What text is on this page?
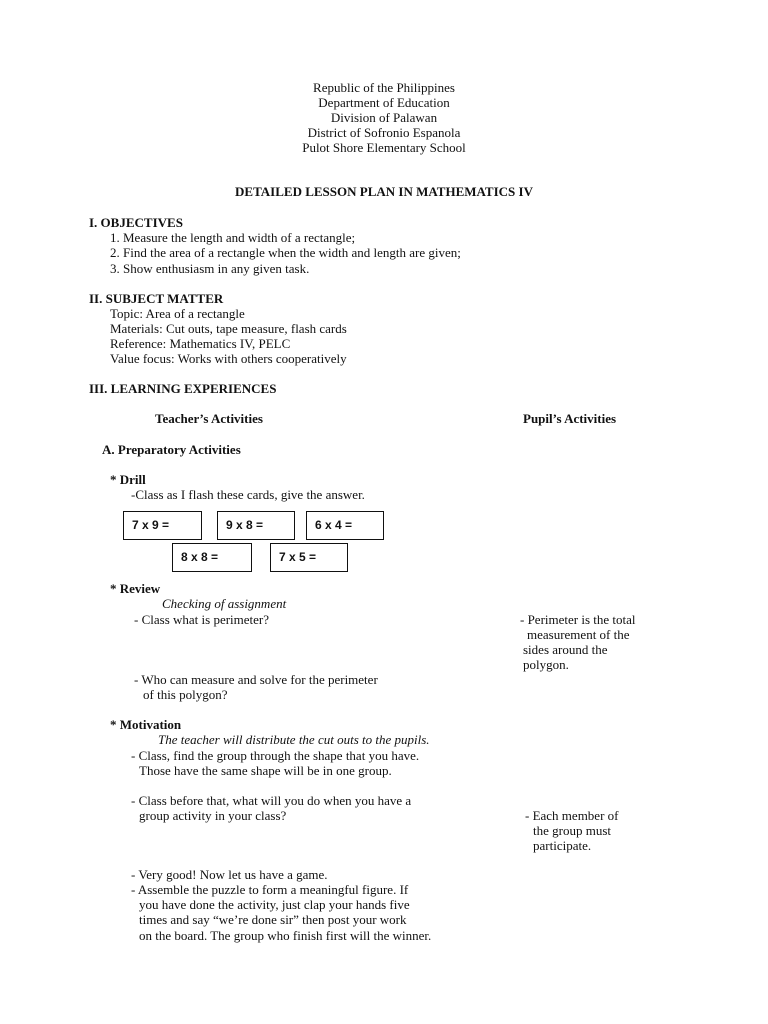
Republic of the Philippines
Department of Education
Division of Palawan
District of Sofronio Espanola
Pulot Shore Elementary School
DETAILED LESSON PLAN IN MATHEMATICS IV
I. OBJECTIVES
1. Measure the length and width of a rectangle;
2. Find the area of a rectangle when the width and length are given;
3. Show enthusiasm in any given task.
II. SUBJECT MATTER
Topic: Area of a rectangle
Materials: Cut outs, tape measure, flash cards
Reference: Mathematics IV, PELC
Value focus: Works with others cooperatively
III. LEARNING EXPERIENCES
Teacher’s Activities	Pupil’s Activities
A. Preparatory Activities
* Drill
-Class as I flash these cards, give the answer.
7 x 9 =	9 x 8 =	6 x 4 =
8 x 8 =	7 x 5 =
* Review
Checking of assignment
- Class what is perimeter?	- Perimeter is the total
measurement of the
sides around the
polygon.
- Who can measure and solve for the perimeter
of this polygon?
* Motivation
The teacher will distribute the cut outs to the pupils.
- Class, find the group through the shape that you have.
Those have the same shape will be in one group.
- Class before that, what will you do when you have a
group activity in your class?	- Each member of
the group must
participate.
- Very good! Now let us have a game.
- Assemble the puzzle to form a meaningful figure. If
you have done the activity, just clap your hands five
times and say “we’re done sir” then post your work
on the board. The group who finish first will the winner.
